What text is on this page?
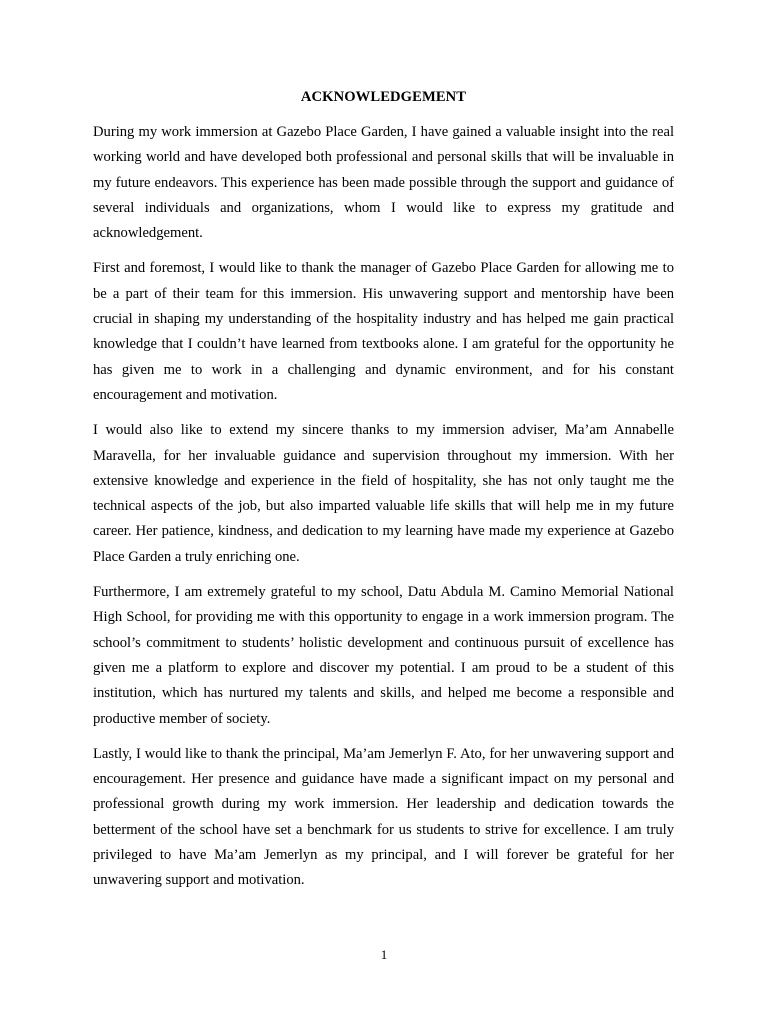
ACKNOWLEDGEMENT

During my work immersion at Gazebo Place Garden, I have gained a valuable insight into the real working world and have developed both professional and personal skills that will be invaluable in my future endeavors. This experience has been made possible through the support and guidance of several individuals and organizations, whom I would like to express my gratitude and acknowledgement.

First and foremost, I would like to thank the manager of Gazebo Place Garden for allowing me to be a part of their team for this immersion. His unwavering support and mentorship have been crucial in shaping my understanding of the hospitality industry and has helped me gain practical knowledge that I couldn’t have learned from textbooks alone. I am grateful for the opportunity he has given me to work in a challenging and dynamic environment, and for his constant encouragement and motivation.

I would also like to extend my sincere thanks to my immersion adviser, Ma’am Annabelle Maravella, for her invaluable guidance and supervision throughout my immersion. With her extensive knowledge and experience in the field of hospitality, she has not only taught me the technical aspects of the job, but also imparted valuable life skills that will help me in my future career. Her patience, kindness, and dedication to my learning have made my experience at Gazebo Place Garden a truly enriching one.

Furthermore, I am extremely grateful to my school, Datu Abdula M. Camino Memorial National High School, for providing me with this opportunity to engage in a work immersion program. The school’s commitment to students’ holistic development and continuous pursuit of excellence has given me a platform to explore and discover my potential. I am proud to be a student of this institution, which has nurtured my talents and skills, and helped me become a responsible and productive member of society.

Lastly, I would like to thank the principal, Ma’am Jemerlyn F. Ato, for her unwavering support and encouragement. Her presence and guidance have made a significant impact on my personal and professional growth during my work immersion. Her leadership and dedication towards the betterment of the school have set a benchmark for us students to strive for excellence. I am truly privileged to have Ma’am Jemerlyn as my principal, and I will forever be grateful for her unwavering support and motivation.

1
